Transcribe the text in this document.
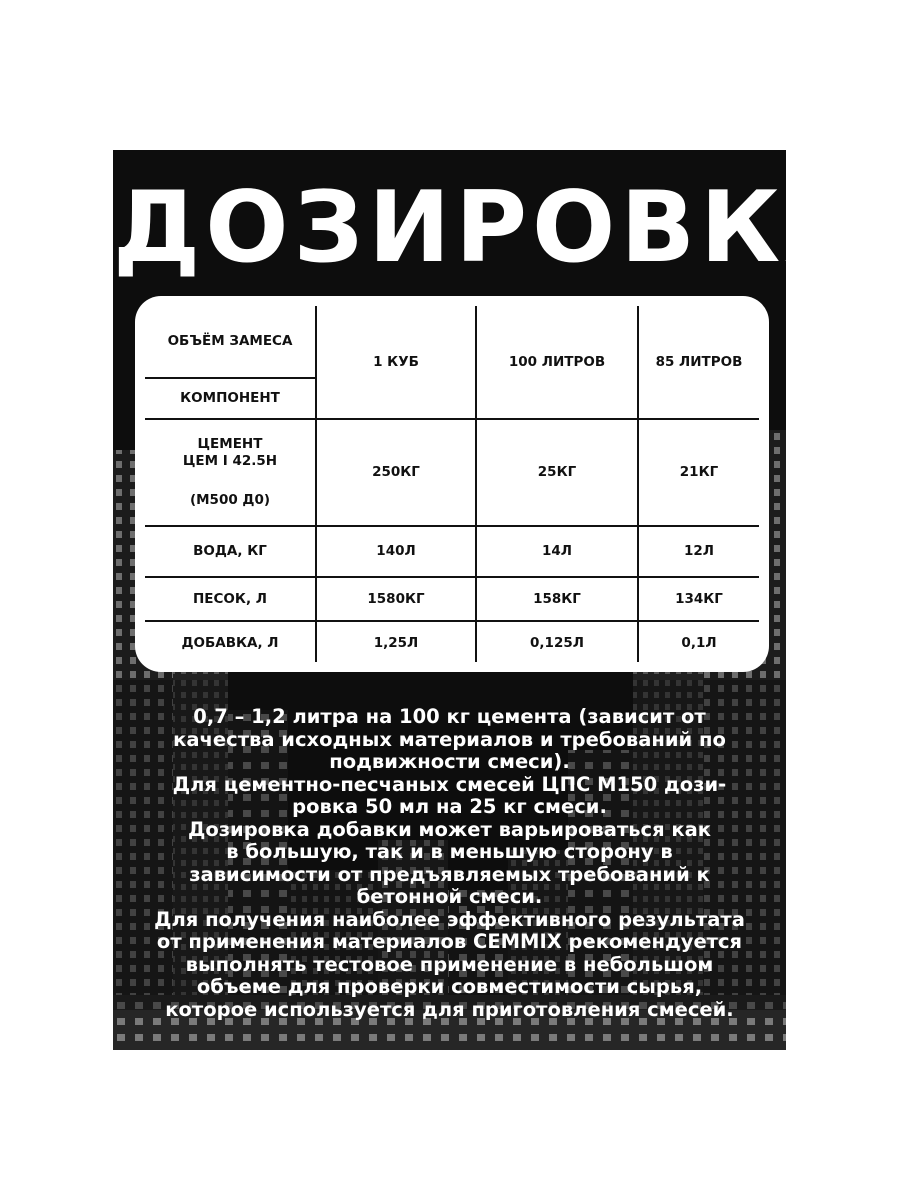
ДОЗИРОВКА
ОБЪЁМ ЗАМЕСА
КОМПОНЕНТ
1 КУБ	100 ЛИТРОВ	85 ЛИТРОВ
ЦЕМЕНТ
ЦЕМ I 42.5Н
(М500 Д0)
250КГ	25КГ	21КГ
ВОДА, КГ	140Л	14Л	12Л
ПЕСОК, Л	1580КГ	158КГ	134КГ
ДОБАВКА, Л	1,25Л	0,125Л	0,1Л
0,7 – 1,2 литра на 100 кг цемента (зависит от
качества исходных материалов и требований по
подвижности смеси).
Для цементно-песчаных смесей ЦПС М150 дози-
ровка 50 мл на 25 кг смеси.
Дозировка добавки может варьироваться как
в большую, так и в меньшую сторону в
зависимости от предъявляемых требований к
бетонной смеси.
Для получения наиболее эффективного результата
от применения материалов CEMMIX рекомендуется
выполнять тестовое применение в небольшом
объеме для проверки совместимости сырья,
которое используется для приготовления смесей.
